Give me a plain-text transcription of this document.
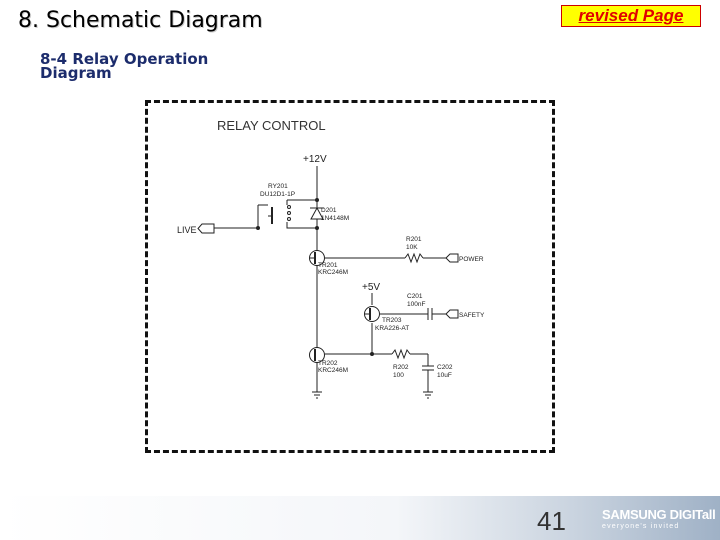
8. Schematic Diagram
8-4 Relay Operation Diagram
revised Page
RELAY CONTROL
+12V
RY201
DU12D1-1P
D201
1N4148M
LIVE
TR201
KRC246M
R201
10K
POWER
+5V
TR203
KRA226-AT
C201
100nF
SAFETY
TR202
KRC246M	R202
100
C202
10uF
41	SAMSUNG DIGITall
everyone's invited
